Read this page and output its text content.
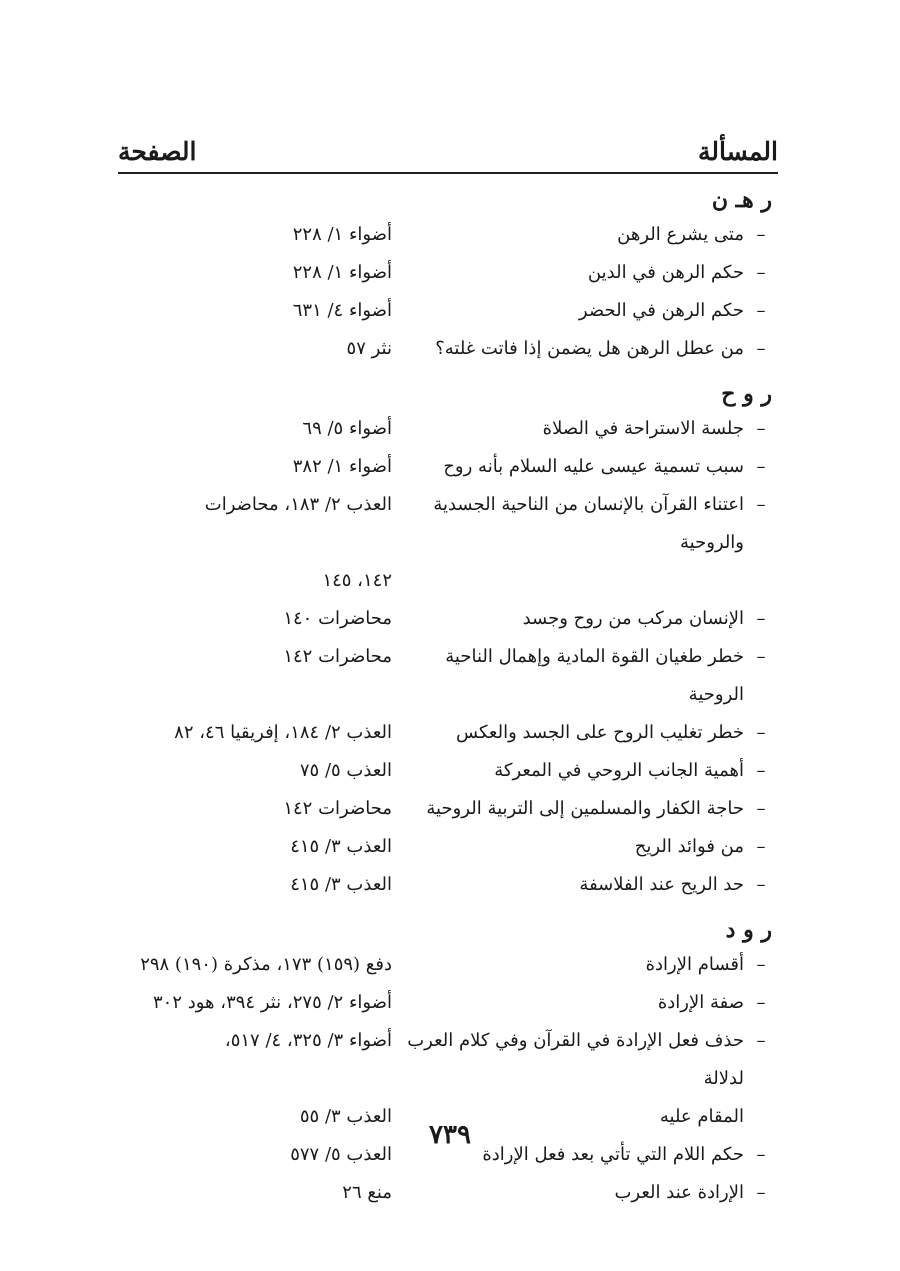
المسألة
الصفحة
ر هـ ن
–
متى يشرع الرهن
أضواء ١/ ٢٢٨
–
حكم الرهن في الدين
أضواء ١/ ٢٢٨
–
حكم الرهن في الحضر
أضواء ٤/ ٦٣١
–
من عطل الرهن هل يضمن إذا فاتت غلته؟
نثر ٥٧
ر و ح
–
جلسة الاستراحة في الصلاة
أضواء ٥/ ٦٩
–
سبب تسمية عيسى عليه السلام بأنه روح
أضواء ١/ ٣٨٢
–
اعتناء القرآن بالإنسان من الناحية الجسدية والروحية
العذب ٢/ ١٨٣، محاضرات
١٤٢، ١٤٥
–
الإنسان مركب من روح وجسد
محاضرات ١٤٠
–
خطر طغيان القوة المادية وإهمال الناحية الروحية
محاضرات ١٤٢
–
خطر تغليب الروح على الجسد والعكس
العذب ٢/ ١٨٤، إفريقيا ٤٦، ٨٢
–
أهمية الجانب الروحي في المعركة
العذب ٥/ ٧٥
–
حاجة الكفار والمسلمين إلى التربية الروحية
محاضرات ١٤٢
–
من فوائد الريح
العذب ٣/ ٤١٥
–
حد الريح عند الفلاسفة
العذب ٣/ ٤١٥
ر و د
–
أقسام الإرادة
دفع (١٥٩) ١٧٣، مذكرة (١٩٠) ٢٩٨
–
صفة الإرادة
أضواء ٢/ ٢٧٥، نثر ٣٩٤، هود ٣٠٢
–
حذف فعل الإرادة في القرآن وفي كلام العرب لدلالة
أضواء ٣/ ٣٢٥، ٤/ ٥١٧،
المقام عليه
العذب ٣/ ٥٥
–
حكم اللام التي تأتي بعد فعل الإرادة
العذب ٥/ ٥٧٧
–
الإرادة عند العرب
منع ٢٦
٧٣٩
